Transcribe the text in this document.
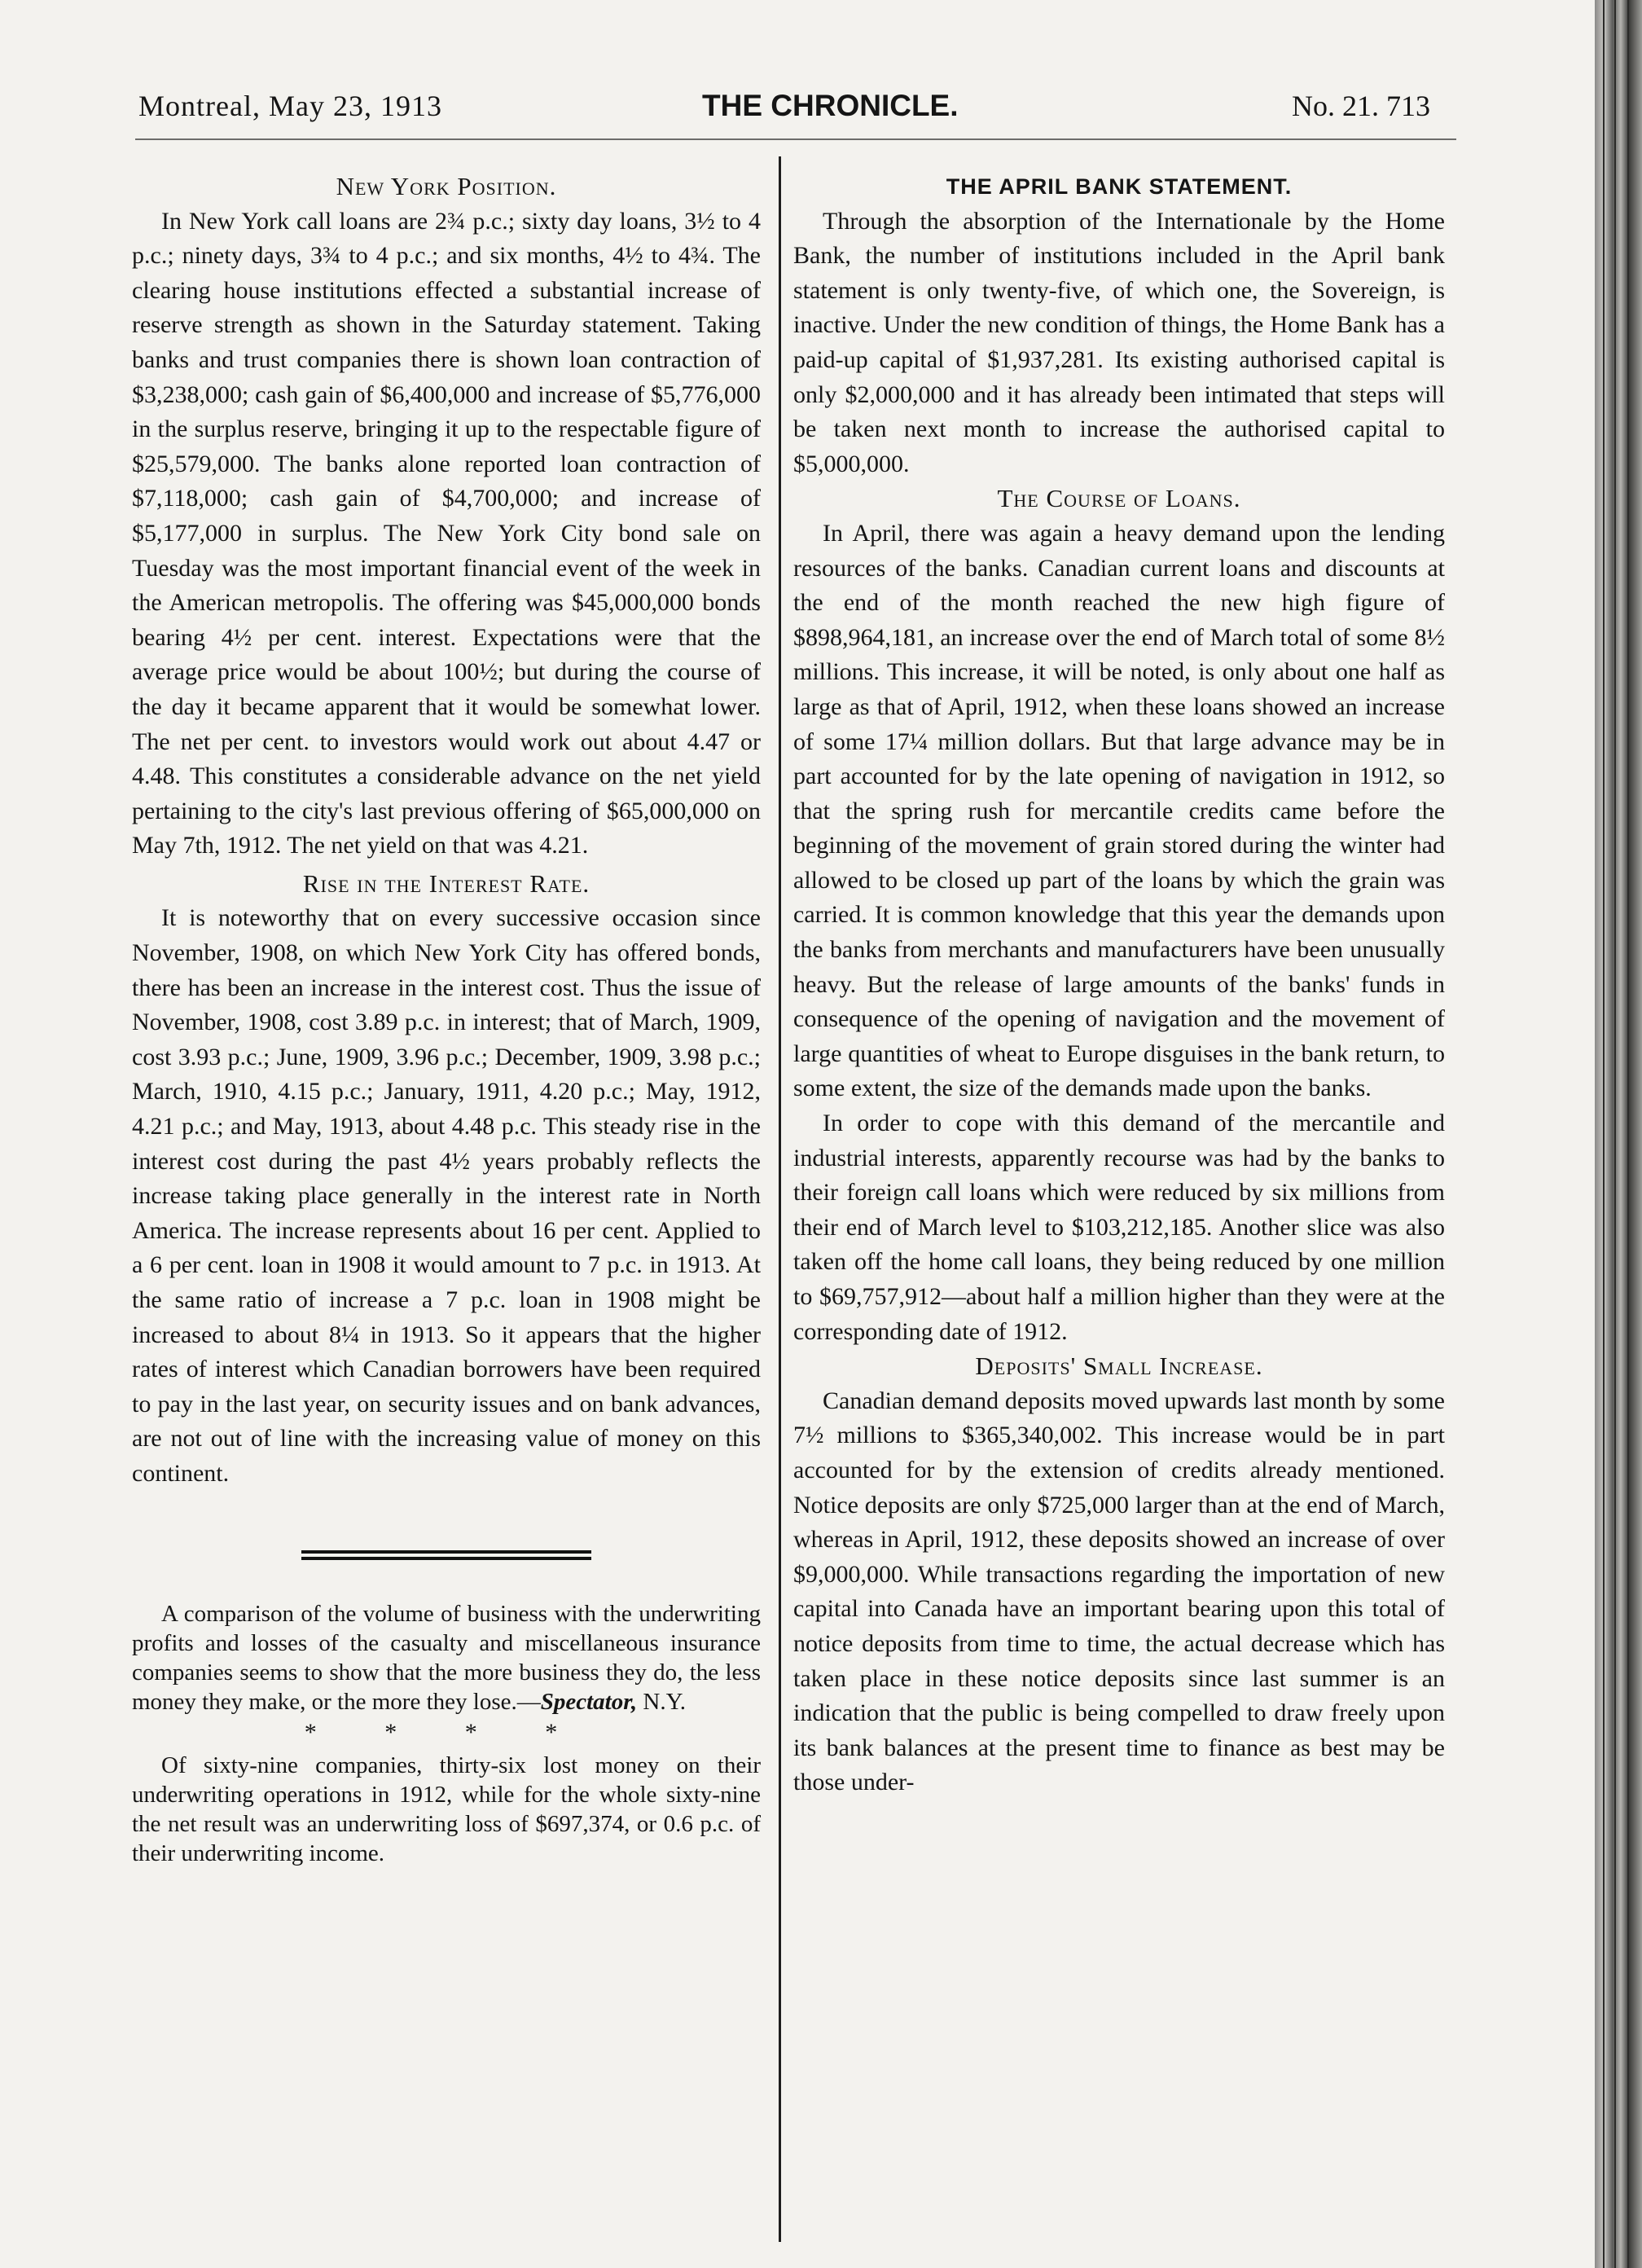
Montreal, May 23, 1913	THE CHRONICLE.	No. 21. 713
New York Position.

In New York call loans are 2¾ p.c.; sixty day loans, 3½ to 4 p.c.; ninety days, 3¾ to 4 p.c.; and six months, 4½ to 4¾. The clearing house institutions effected a substantial increase of reserve strength as shown in the Saturday statement. Taking banks and trust companies there is shown loan contraction of $3,238,000; cash gain of $6,400,000 and increase of $5,776,000 in the surplus reserve, bringing it up to the respectable figure of $25,579,000. The banks alone reported loan contraction of $7,118,000; cash gain of $4,700,000; and increase of $5,177,000 in surplus. The New York City bond sale on Tuesday was the most important financial event of the week in the American metropolis. The offering was $45,000,000 bonds bearing 4½ per cent. interest. Expectations were that the average price would be about 100½; but during the course of the day it became apparent that it would be somewhat lower. The net per cent. to investors would work out about 4.47 or 4.48. This constitutes a considerable advance on the net yield pertaining to the city's last previous offering of $65,000,000 on May 7th, 1912. The net yield on that was 4.21.

Rise in the Interest Rate.

It is noteworthy that on every successive occasion since November, 1908, on which New York City has offered bonds, there has been an increase in the interest cost. Thus the issue of November, 1908, cost 3.89 p.c. in interest; that of March, 1909, cost 3.93 p.c.; June, 1909, 3.96 p.c.; December, 1909, 3.98 p.c.; March, 1910, 4.15 p.c.; January, 1911, 4.20 p.c.; May, 1912, 4.21 p.c.; and May, 1913, about 4.48 p.c. This steady rise in the interest cost during the past 4½ years probably reflects the increase taking place generally in the interest rate in North America. The increase represents about 16 per cent. Applied to a 6 per cent. loan in 1908 it would amount to 7 p.c. in 1913. At the same ratio of increase a 7 p.c. loan in 1908 might be increased to about 8¼ in 1913. So it appears that the higher rates of interest which Canadian borrowers have been required to pay in the last year, on security issues and on bank advances, are not out of line with the increasing value of money on this continent.

A comparison of the volume of business with the underwriting profits and losses of the casualty and miscellaneous insurance companies seems to show that the more business they do, the less money they make, or the more they lose.—Spectator, N.Y.

* * * *

Of sixty-nine companies, thirty-six lost money on their underwriting operations in 1912, while for the whole sixty-nine the net result was an underwriting loss of $697,374, or 0.6 p.c. of their underwriting income.

THE APRIL BANK STATEMENT.

Through the absorption of the Internationale by the Home Bank, the number of institutions included in the April bank statement is only twenty-five, of which one, the Sovereign, is inactive. Under the new condition of things, the Home Bank has a paid-up capital of $1,937,281. Its existing authorised capital is only $2,000,000 and it has already been intimated that steps will be taken next month to increase the authorised capital to $5,000,000.

The Course of Loans.

In April, there was again a heavy demand upon the lending resources of the banks. Canadian current loans and discounts at the end of the month reached the new high figure of $898,964,181, an increase over the end of March total of some 8½ millions. This increase, it will be noted, is only about one half as large as that of April, 1912, when these loans showed an increase of some 17¼ million dollars. But that large advance may be in part accounted for by the late opening of navigation in 1912, so that the spring rush for mercantile credits came before the beginning of the movement of grain stored during the winter had allowed to be closed up part of the loans by which the grain was carried. It is common knowledge that this year the demands upon the banks from merchants and manufacturers have been unusually heavy. But the release of large amounts of the banks' funds in consequence of the opening of navigation and the movement of large quantities of wheat to Europe disguises in the bank return, to some extent, the size of the demands made upon the banks.

In order to cope with this demand of the mercantile and industrial interests, apparently recourse was had by the banks to their foreign call loans which were reduced by six millions from their end of March level to $103,212,185. Another slice was also taken off the home call loans, they being reduced by one million to $69,757,912—about half a million higher than they were at the corresponding date of 1912.

Deposits' Small Increase.

Canadian demand deposits moved upwards last month by some 7½ millions to $365,340,002. This increase would be in part accounted for by the extension of credits already mentioned. Notice deposits are only $725,000 larger than at the end of March, whereas in April, 1912, these deposits showed an increase of over $9,000,000. While transactions regarding the importation of new capital into Canada have an important bearing upon this total of notice deposits from time to time, the actual decrease which has taken place in these notice deposits since last summer is an indication that the public is being compelled to draw freely upon its bank balances at the present time to finance as best may be those under-
